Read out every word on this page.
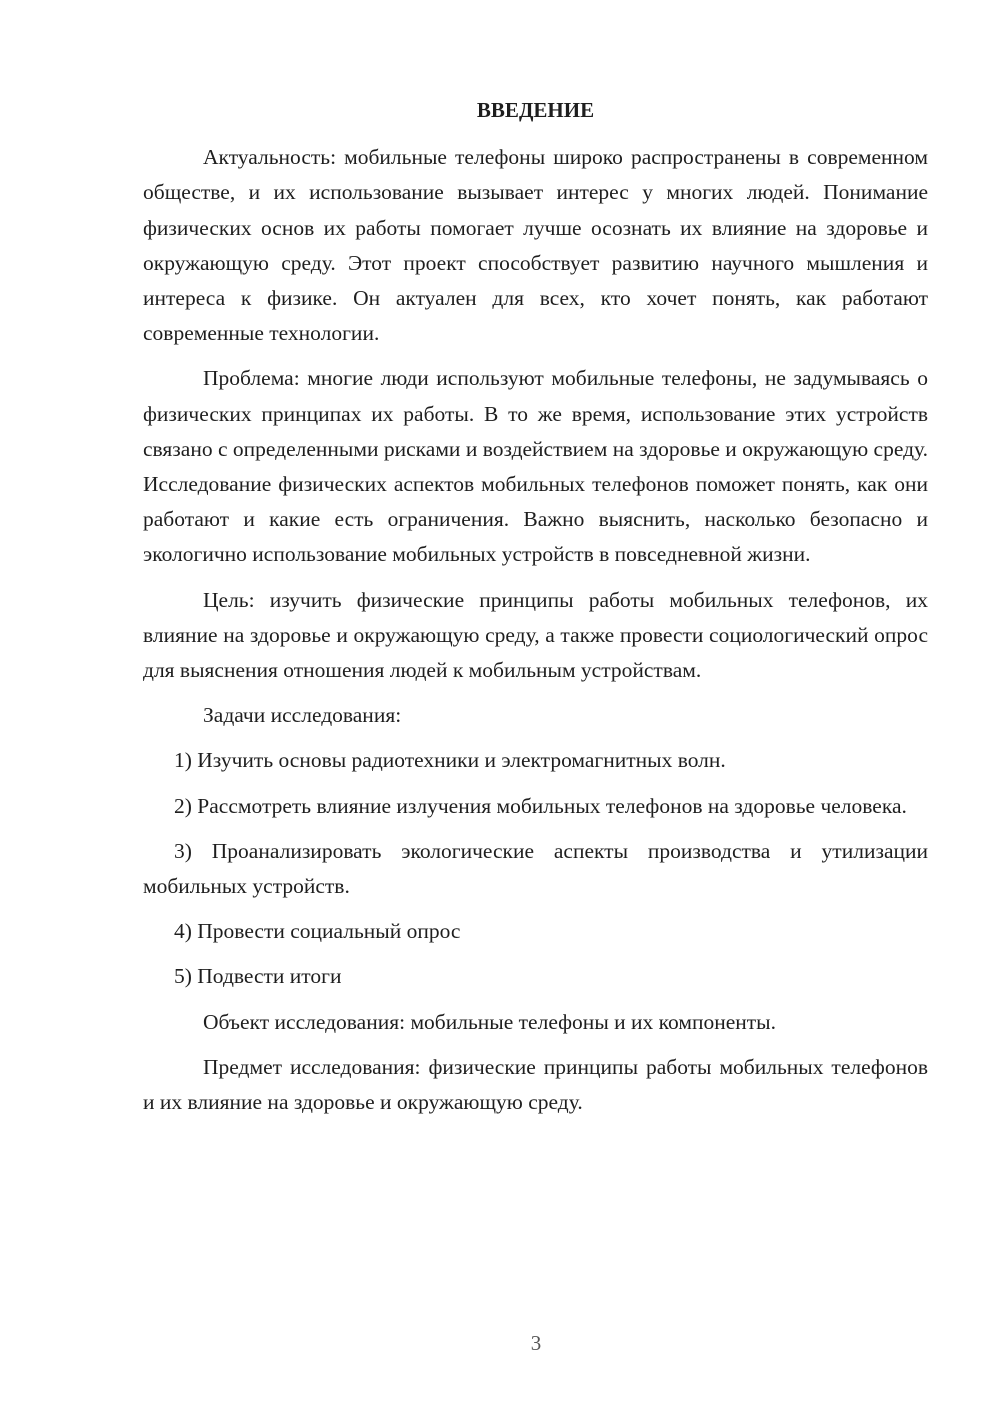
ВВЕДЕНИЕ

Актуальность: мобильные телефоны широко распространены в современном обществе, и их использование вызывает интерес у многих людей. Понимание физических основ их работы помогает лучше осознать их влияние на здоровье и окружающую среду. Этот проект способствует развитию научного мышления и интереса к физике. Он актуален для всех, кто хочет понять, как работают современные технологии.

Проблема: многие люди используют мобильные телефоны, не задумываясь о физических принципах их работы. В то же время, использование этих устройств связано с определенными рисками и воздействием на здоровье и окружающую среду. Исследование физических аспектов мобильных телефонов поможет понять, как они работают и какие есть ограничения. Важно выяснить, насколько безопасно и экологично использование мобильных устройств в повседневной жизни.

Цель: изучить физические принципы работы мобильных телефонов, их влияние на здоровье и окружающую среду, а также провести социологический опрос для выяснения отношения людей к мобильным устройствам.

Задачи исследования:

1) Изучить основы радиотехники и электромагнитных волн.

2) Рассмотреть влияние излучения мобильных телефонов на здоровье человека.

3) Проанализировать экологические аспекты производства и утилизации мобильных устройств.

4) Провести социальный опрос

5) Подвести итоги

Объект исследования: мобильные телефоны и их компоненты.

Предмет исследования: физические принципы работы мобильных телефонов и их влияние на здоровье и окружающую среду.

3
